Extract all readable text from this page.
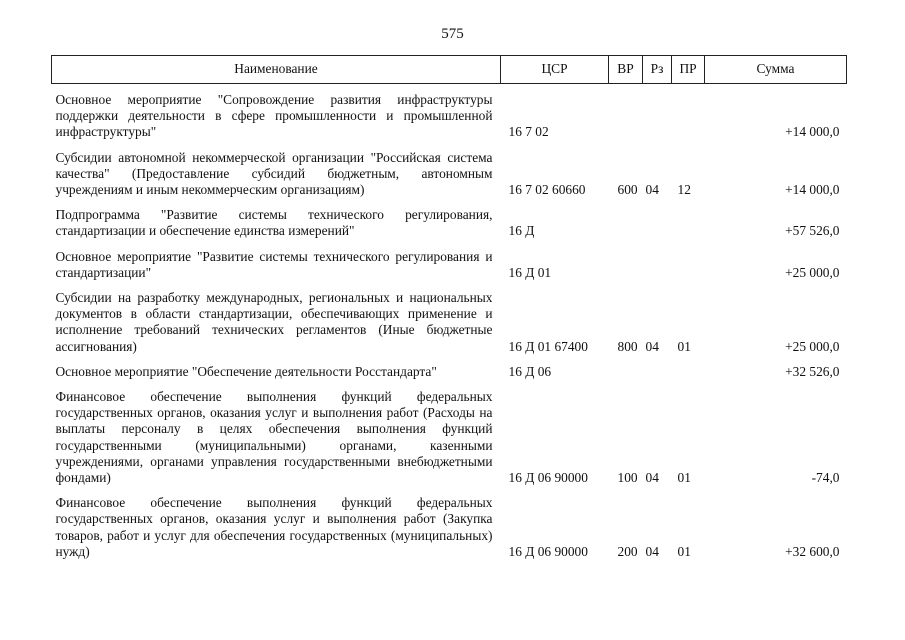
575
Наименование	ЦСР	ВР	Рз	ПР	Сумма
Основное мероприятие "Сопровождение развития инфраструктуры поддержки деятельности в сфере промышленности и промышленной инфраструктуры"	16 7 02				+14 000,0
Субсидии автономной некоммерческой организации "Российская система качества" (Предоставление субсидий бюджетным, автономным учреждениям и иным некоммерческим организациям)	16 7 02 60660	600	04	12	+14 000,0
Подпрограмма "Развитие системы технического регулирования, стандартизации и обеспечение единства измерений"	16 Д				+57 526,0
Основное мероприятие "Развитие системы технического регулирования и стандартизации"	16 Д 01				+25 000,0
Субсидии на разработку международных, региональных и национальных документов в области стандартизации, обеспечивающих применение и исполнение требований технических регламентов (Иные бюджетные ассигнования)	16 Д 01 67400	800	04	01	+25 000,0
Основное мероприятие "Обеспечение деятельности Росстандарта"	16 Д 06				+32 526,0
Финансовое обеспечение выполнения функций федеральных государственных органов, оказания услуг и выполнения работ (Расходы на выплаты персоналу в целях обеспечения выполнения функций государственными (муниципальными) органами, казенными учреждениями, органами управления государственными внебюджетными фондами)	16 Д 06 90000	100	04	01	-74,0
Финансовое обеспечение выполнения функций федеральных государственных органов, оказания услуг и выполнения работ (Закупка товаров, работ и услуг для обеспечения государственных (муниципальных) нужд)	16 Д 06 90000	200	04	01	+32 600,0
